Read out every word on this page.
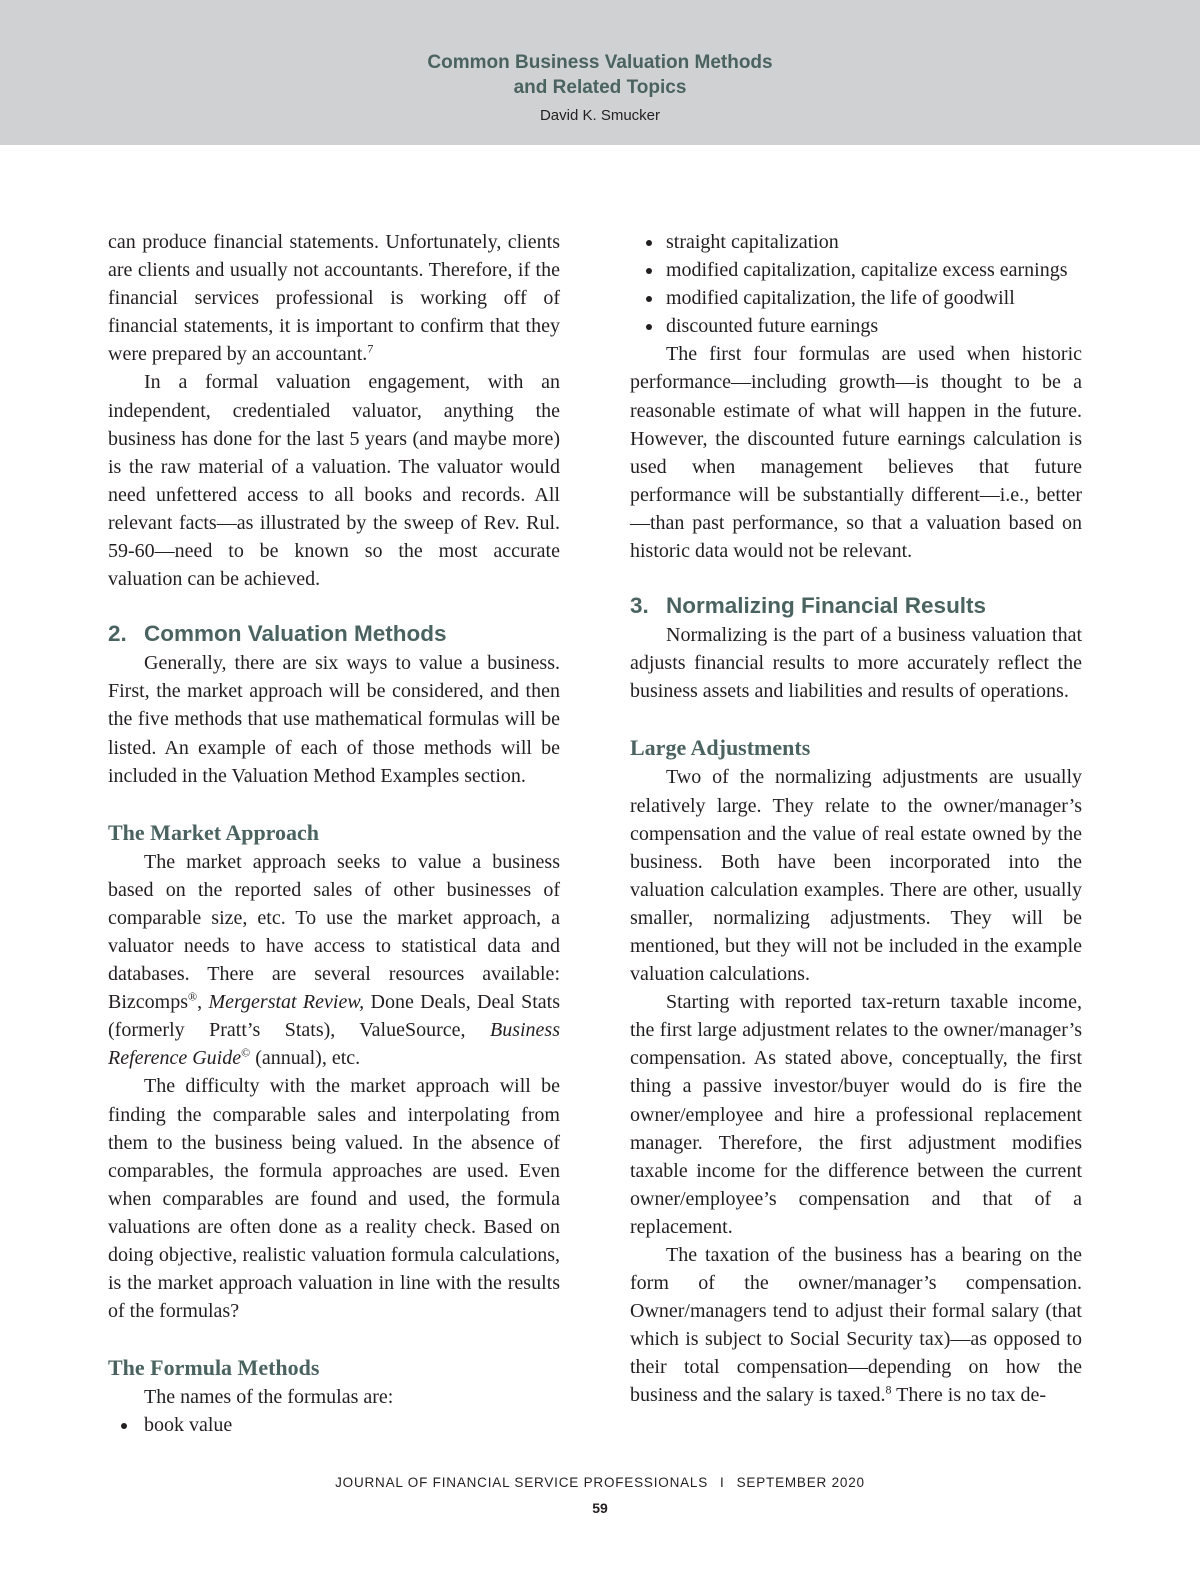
Common Business Valuation Methods
and Related Topics
David K. Smucker

can produce financial statements. Unfortunately, clients are clients and usually not accountants. Therefore, if the financial services professional is working off of financial statements, it is important to confirm that they were prepared by an accountant.$^7$

In a formal valuation engagement, with an independent, credentialed valuator, anything the business has done for the last 5 years (and maybe more) is the raw material of a valuation. The valuator would need unfettered access to all books and records. All relevant facts—as illustrated by the sweep of Rev. Rul. 59-60—need to be known so the most accurate valuation can be achieved.

2. Common Valuation Methods

Generally, there are six ways to value a business. First, the market approach will be considered, and then the five methods that use mathematical formulas will be listed. An example of each of those methods will be included in the Valuation Method Examples section.

The Market Approach

The market approach seeks to value a business based on the reported sales of other businesses of comparable size, etc. To use the market approach, a valuator needs to have access to statistical data and databases. There are several resources available: Bizcomps®, Mergerstat Review, Done Deals, Deal Stats (formerly Pratt’s Stats), ValueSource, Business Reference Guide© (annual), etc.

The difficulty with the market approach will be finding the comparable sales and interpolating from them to the business being valued. In the absence of comparables, the formula approaches are used. Even when comparables are found and used, the formula valuations are often done as a reality check. Based on doing objective, realistic valuation formula calculations, is the market approach valuation in line with the results of the formulas?

The Formula Methods

The names of the formulas are:

book value
straight capitalization
modified capitalization, capitalize excess earnings
modified capitalization, the life of goodwill
discounted future earnings

The first four formulas are used when historic performance—including growth—is thought to be a reasonable estimate of what will happen in the future. However, the discounted future earnings calculation is used when management believes that future performance will be substantially different—i.e., better—than past performance, so that a valuation based on historic data would not be relevant.

3. Normalizing Financial Results

Normalizing is the part of a business valuation that adjusts financial results to more accurately reflect the business assets and liabilities and results of operations.

Large Adjustments

Two of the normalizing adjustments are usually relatively large. They relate to the owner/manager’s compensation and the value of real estate owned by the business. Both have been incorporated into the valuation calculation examples. There are other, usually smaller, normalizing adjustments. They will be mentioned, but they will not be included in the example valuation calculations.

Starting with reported tax-return taxable income, the first large adjustment relates to the owner/manager’s compensation. As stated above, conceptually, the first thing a passive investor/buyer would do is fire the owner/employee and hire a professional replacement manager. Therefore, the first adjustment modifies taxable income for the difference between the current owner/employee’s compensation and that of a replacement.

The taxation of the business has a bearing on the form of the owner/manager’s compensation. Owner/managers tend to adjust their formal salary (that which is subject to Social Security tax)—as opposed to their total compensation—depending on how the business and the salary is taxed.$^8$ There is no tax de-

JOURNAL OF FINANCIAL SERVICE PROFESSIONALS I SEPTEMBER 2020
59
